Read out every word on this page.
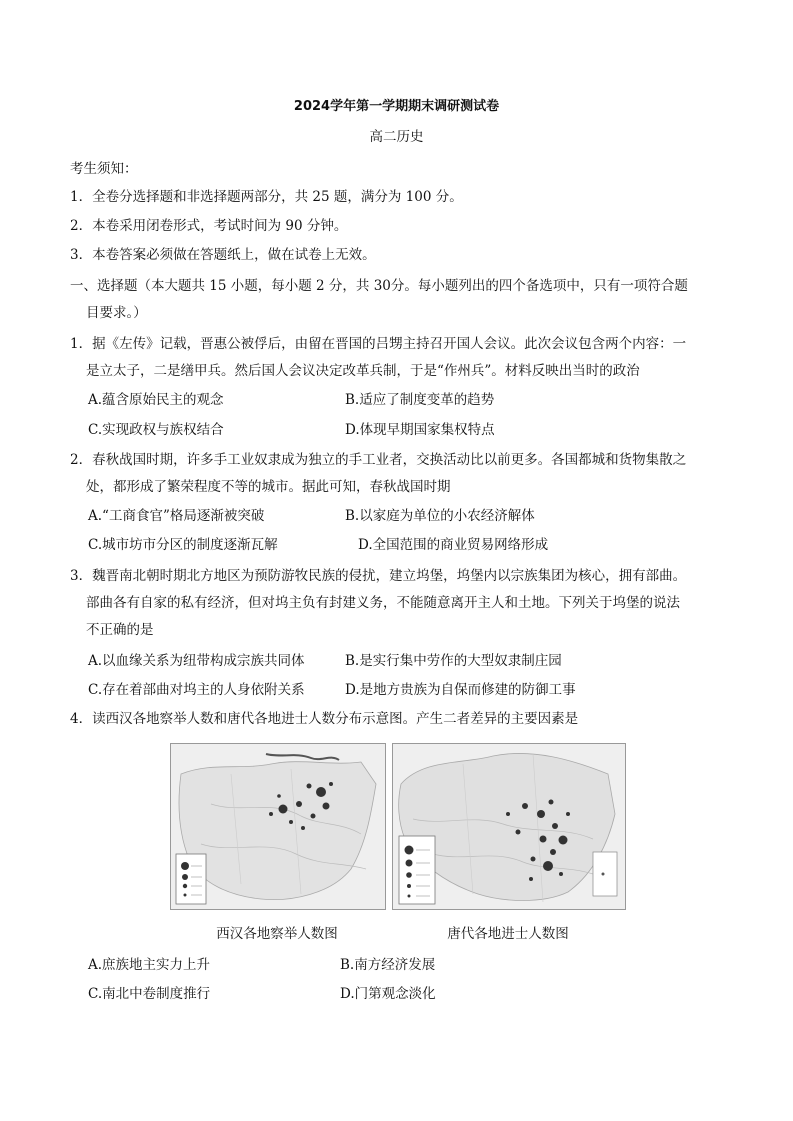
2024学年第一学期期末调研测试卷
高二历史
考生须知：
1．全卷分选择题和非选择题两部分，共 25 题，满分为 100 分。
2．本卷采用闭卷形式，考试时间为 90 分钟。
3．本卷答案必须做在答题纸上，做在试卷上无效。
一、选择题（本大题共 15 小题，每小题 2 分，共 30分。每小题列出的四个备选项中，只有一项符合题
目要求。）
1．据《左传》记载，晋惠公被俘后，由留在晋国的吕甥主持召开国人会议。此次会议包含两个内容：一
是立太子，二是缮甲兵。然后国人会议决定改革兵制，于是“作州兵”。材料反映出当时的政治
A.蕴含原始民主的观念	B.适应了制度变革的趋势
C.实现政权与族权结合	D.体现早期国家集权特点
2．春秋战国时期，许多手工业奴隶成为独立的手工业者，交换活动比以前更多。各国都城和货物集散之
处，都形成了繁荣程度不等的城市。据此可知，春秋战国时期
A.“工商食官”格局逐渐被突破	B.以家庭为单位的小农经济解体
C.城市坊市分区的制度逐渐瓦解	D.全国范围的商业贸易网络形成
3．魏晋南北朝时期北方地区为预防游牧民族的侵扰，建立坞堡，坞堡内以宗族集团为核心，拥有部曲。
部曲各有自家的私有经济，但对坞主负有封建义务，不能随意离开主人和土地。下列关于坞堡的说法
不正确的是
A.以血缘关系为纽带构成宗族共同体	B.是实行集中劳作的大型奴隶制庄园
C.存在着部曲对坞主的人身依附关系	D.是地方贵族为自保而修建的防御工事
4．读西汉各地察举人数和唐代各地进士人数分布示意图。产生二者差异的主要因素是
西汉各地察举人数图	唐代各地进士人数图
A.庶族地主实力上升	B.南方经济发展
C.南北中卷制度推行	D.门第观念淡化
